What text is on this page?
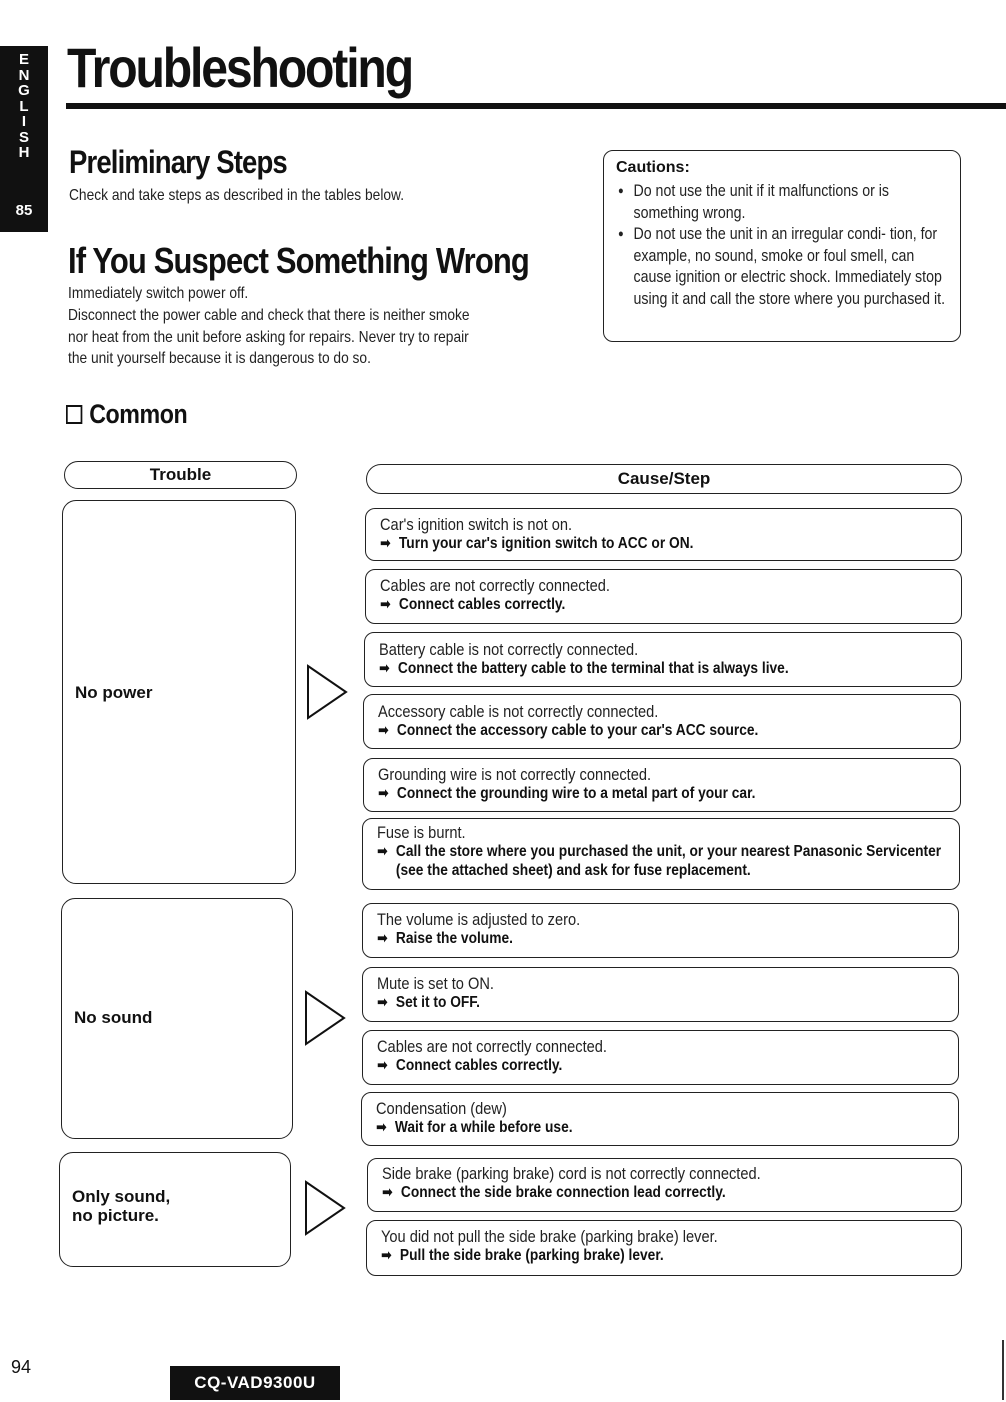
E
N
G
L
I
S
H
85
Troubleshooting
Preliminary Steps

Check and take steps as described in the tables below.

If You Suspect Something Wrong

Immediately switch power off.

Disconnect the power cable and check that there is neither smoke

nor heat from the unit before asking for repairs. Never try to repair

the unit yourself because it is dangerous to do so.

Cautions:
● Do not use the unit if it malfunctions or is something wrong.
● Do not use the unit in an irregular condi- tion, for example, no sound, smoke or foul smell, can cause ignition or electric shock. Immediately stop using it and call the store where you purchased it.
Common
Trouble	Cause/Step
No power
Car's ignition switch is not on.
➡ Turn your car's ignition switch to ACC or ON.
Cables are not correctly connected.
➡ Connect cables correctly.
Battery cable is not correctly connected.
➡ Connect the battery cable to the terminal that is always live.
Accessory cable is not correctly connected.
➡ Connect the accessory cable to your car's ACC source.
Grounding wire is not correctly connected.
➡ Connect the grounding wire to a metal part of your car.
Fuse is burnt.
➡ Call the store where you purchased the unit, or your nearest Panasonic Servicenter (see the attached sheet) and ask for fuse replacement.
No sound
The volume is adjusted to zero.
➡ Raise the volume.
Mute is set to ON.
➡ Set it to OFF.
Cables are not correctly connected.
➡ Connect cables correctly.
Condensation (dew)
➡ Wait for a while before use.
Only sound,
no picture.
Side brake (parking brake) cord is not correctly connected.
➡ Connect the side brake connection lead correctly.
You did not pull the side brake (parking brake) lever.
➡ Pull the side brake (parking brake) lever.
94
CQ-VAD9300U
